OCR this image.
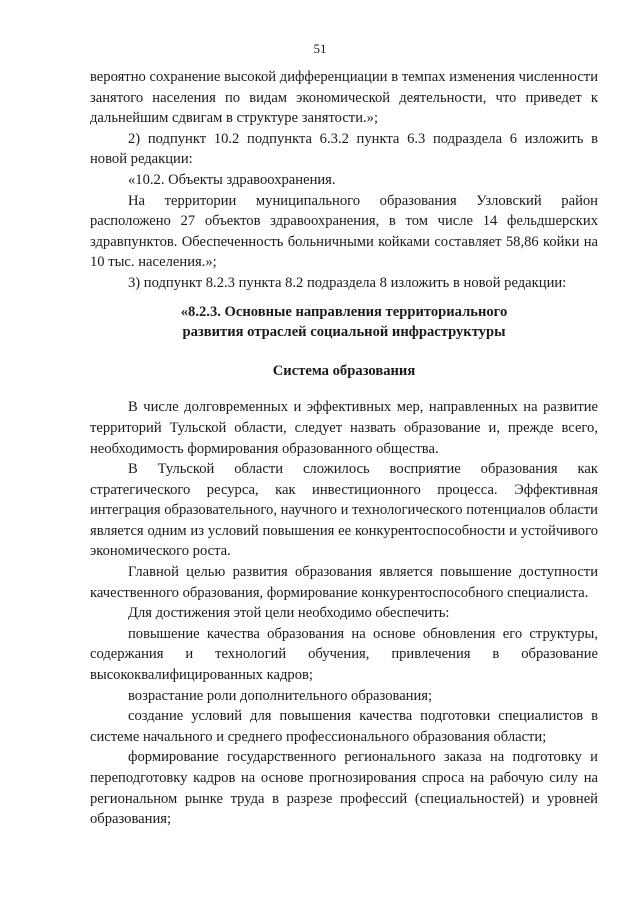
51

вероятно сохранение высокой дифференциации в темпах изменения численности занятого населения по видам экономической деятельности, что приведет к дальнейшим сдвигам в структуре занятости.»;

2) подпункт 10.2 подпункта 6.3.2 пункта 6.3 подраздела 6 изложить в новой редакции:

«10.2. Объекты здравоохранения.

На территории муниципального образования Узловский район расположено 27 объектов здравоохранения, в том числе 14 фельдшерских здравпунктов. Обеспеченность больничными койками составляет 58,86 койки на 10 тыс. населения.»;

3) подпункт 8.2.3 пункта 8.2 подраздела 8 изложить в новой редакции:

«8.2.3. Основные направления территориального
развития отраслей социальной инфраструктуры
Система образования

В числе долговременных и эффективных мер, направленных на развитие территорий Тульской области, следует назвать образование и, прежде всего, необходимость формирования образованного общества.

В Тульской области сложилось восприятие образования как стратегического ресурса, как инвестиционного процесса. Эффективная интеграция образовательного, научного и технологического потенциалов области является одним из условий повышения ее конкурентоспособности и устойчивого экономического роста.

Главной целью развития образования является повышение доступности качественного образования, формирование конкурентоспособного специалиста.

Для достижения этой цели необходимо обеспечить:

повышение качества образования на основе обновления его структуры, содержания и технологий обучения, привлечения в образование высококвалифицированных кадров;

возрастание роли дополнительного образования;

создание условий для повышения качества подготовки специалистов в системе начального и среднего профессионального образования области;

формирование государственного регионального заказа на подготовку и переподготовку кадров на основе прогнозирования спроса на рабочую силу на региональном рынке труда в разрезе профессий (специальностей) и уровней образования;
